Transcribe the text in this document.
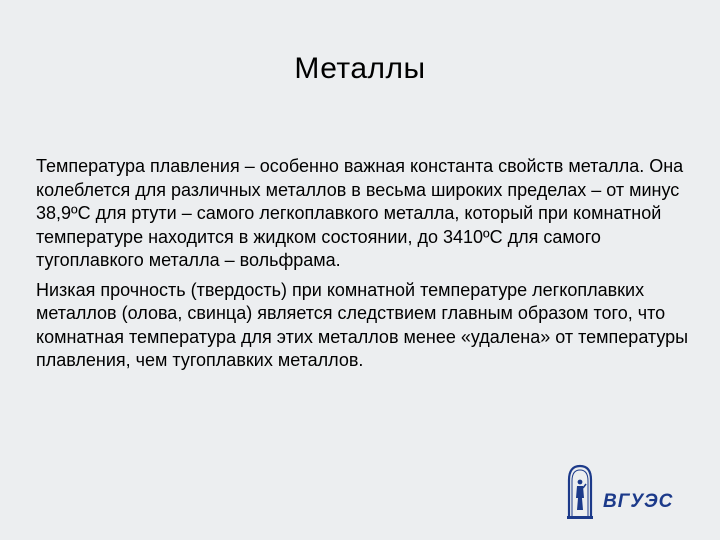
Металлы

Температура плавления – особенно важная константа свойств металла. Она колеблется для различных металлов в весьма широких пределах – от минус 38,9ºС для ртути – самого легкоплавкого металла, который при комнатной температуре находится в жидком состоянии, до 3410ºС для самого тугоплавкого металла – вольфрама.

Низкая прочность (твердость) при комнатной температуре легкоплавких металлов (олова, свинца) является следствием главным образом того, что комнатная температура для этих металлов менее «удалена» от температуры плавления, чем тугоплавких металлов.

ВГУЭС
